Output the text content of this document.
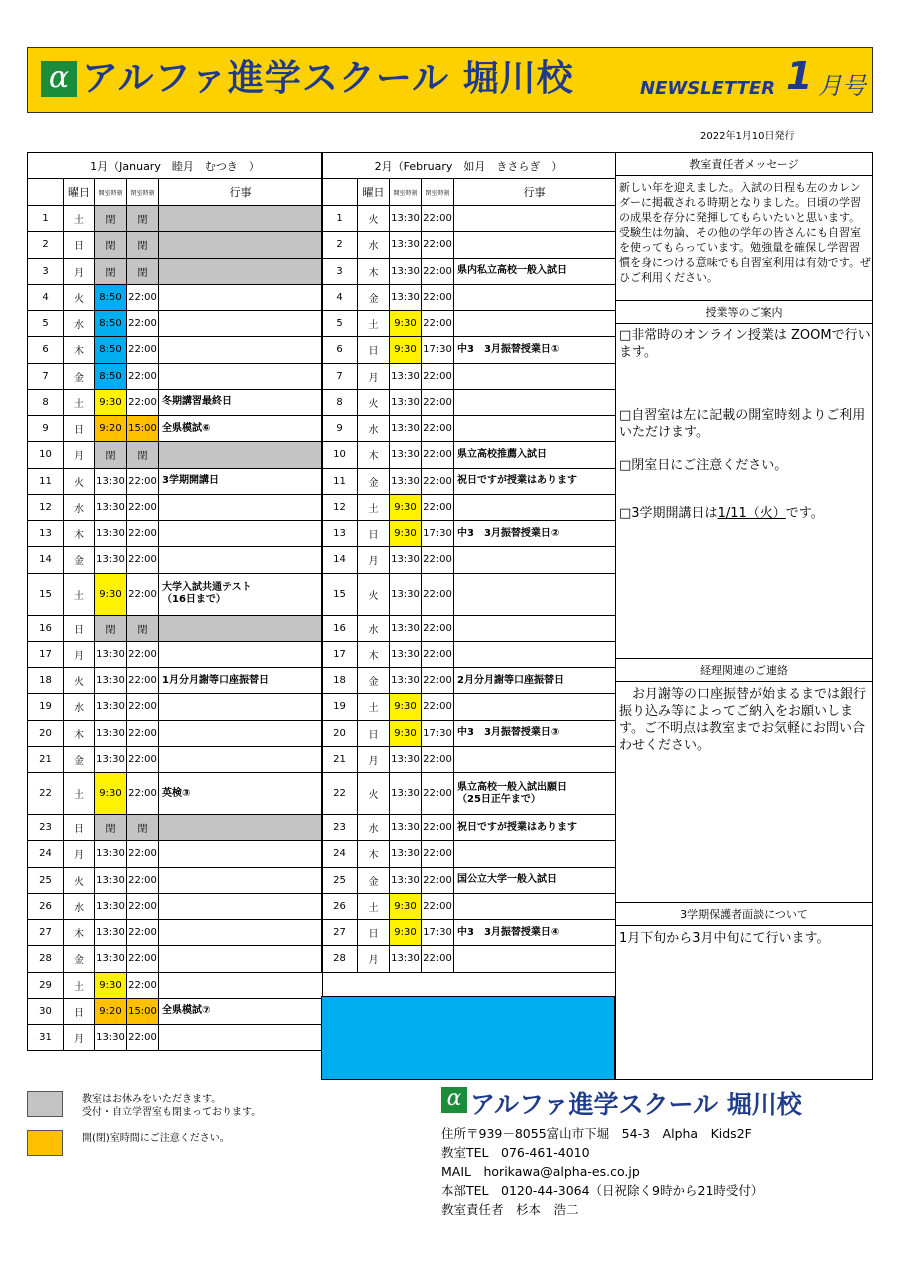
α アルファ進学スクール 堀川校	NEWSLETTER 1 月号
2022年1月10日発行
1月（January　睦月　むつき　）				
	曜日	開室時刻	閉室時刻	行事
1	土	閉	閉	
2	日	閉	閉	
3	月	閉	閉	
4	火	8:50	22:00	
5	水	8:50	22:00	
6	木	8:50	22:00	
7	金	8:50	22:00	
8	土	9:30	22:00	冬期講習最終日
9	日	9:20	15:00	全県模試⑥
10	月	閉	閉	
11	火	13:30	22:00	3学期開講日
12	水	13:30	22:00	
13	木	13:30	22:00	
14	金	13:30	22:00	
15	土	9:30	22:00	大学入試共通テスト
（16日まで）
16	日	閉	閉	
17	月	13:30	22:00	
18	火	13:30	22:00	1月分月謝等口座振替日
19	水	13:30	22:00	
20	木	13:30	22:00	
21	金	13:30	22:00	
22	土	9:30	22:00	英検③
23	日	閉	閉	
24	月	13:30	22:00	
25	火	13:30	22:00	
26	水	13:30	22:00	
27	木	13:30	22:00	
28	金	13:30	22:00	
29	土	9:30	22:00	
30	日	9:20	15:00	全県模試⑦
31	月	13:30	22:00	
2月（February　如月　きさらぎ　）				
	曜日	開室時刻	閉室時刻	行事
1	火	13:30	22:00	
2	水	13:30	22:00	
3	木	13:30	22:00	県内私立高校一般入試日
4	金	13:30	22:00	
5	土	9:30	22:00	
6	日	9:30	17:30	中3　3月振替授業日①
7	月	13:30	22:00	
8	火	13:30	22:00	
9	水	13:30	22:00	
10	木	13:30	22:00	県立高校推薦入試日
11	金	13:30	22:00	祝日ですが授業はあります
12	土	9:30	22:00	
13	日	9:30	17:30	中3　3月振替授業日②
14	月	13:30	22:00	
15	火	13:30	22:00	
16	水	13:30	22:00	
17	木	13:30	22:00	
18	金	13:30	22:00	2月分月謝等口座振替日
19	土	9:30	22:00	
20	日	9:30	17:30	中3　3月振替授業日③
21	月	13:30	22:00	
22	火	13:30	22:00	県立高校一般入試出願日
（25日正午まで）
23	水	13:30	22:00	祝日ですが授業はあります
24	木	13:30	22:00	
25	金	13:30	22:00	国公立大学一般入試日
26	土	9:30	22:00	
27	日	9:30	17:30	中3　3月振替授業日④
28	月	13:30	22:00	
教室責任者メッセージ
新しい年を迎えました。入試の日程も左のカレンダーに掲載される時期となりました。日頃の学習の成果を存分に発揮してもらいたいと思います。受験生は勿論、その他の学年の皆さんにも自習室を使ってもらっています。勉強量を確保し学習習慣を身につける意味でも自習室利用は有効です。ぜひご利用ください。
授業等のご案内
□非常時のオンライン授業は ZOOMで行います。
□自習室は左に記載の開室時刻よりご利用いただけます。
□閉室日にご注意ください。
□3学期開講日は1/11（火）です。
経理関連のご連絡
　お月謝等の口座振替が始まるまでは銀行振り込み等によってご納入をお願いします。ご不明点は教室までお気軽にお問い合わせください。
3学期保護者面談について
1月下旬から3月中旬にて行います。
教室はお休みをいただきます。
受付・自立学習室も閉まっております。
開(閉)室時間にご注意ください。
α アルファ進学スクール 堀川校
住所〒939－8055富山市下堀　54-3　Alpha　Kids2F
教室TEL　076-461-4010
MAIL　horikawa@alpha-es.co.jp
本部TEL　0120-44-3064（日祝除く9時から21時受付）
教室責任者　杉本　浩二
